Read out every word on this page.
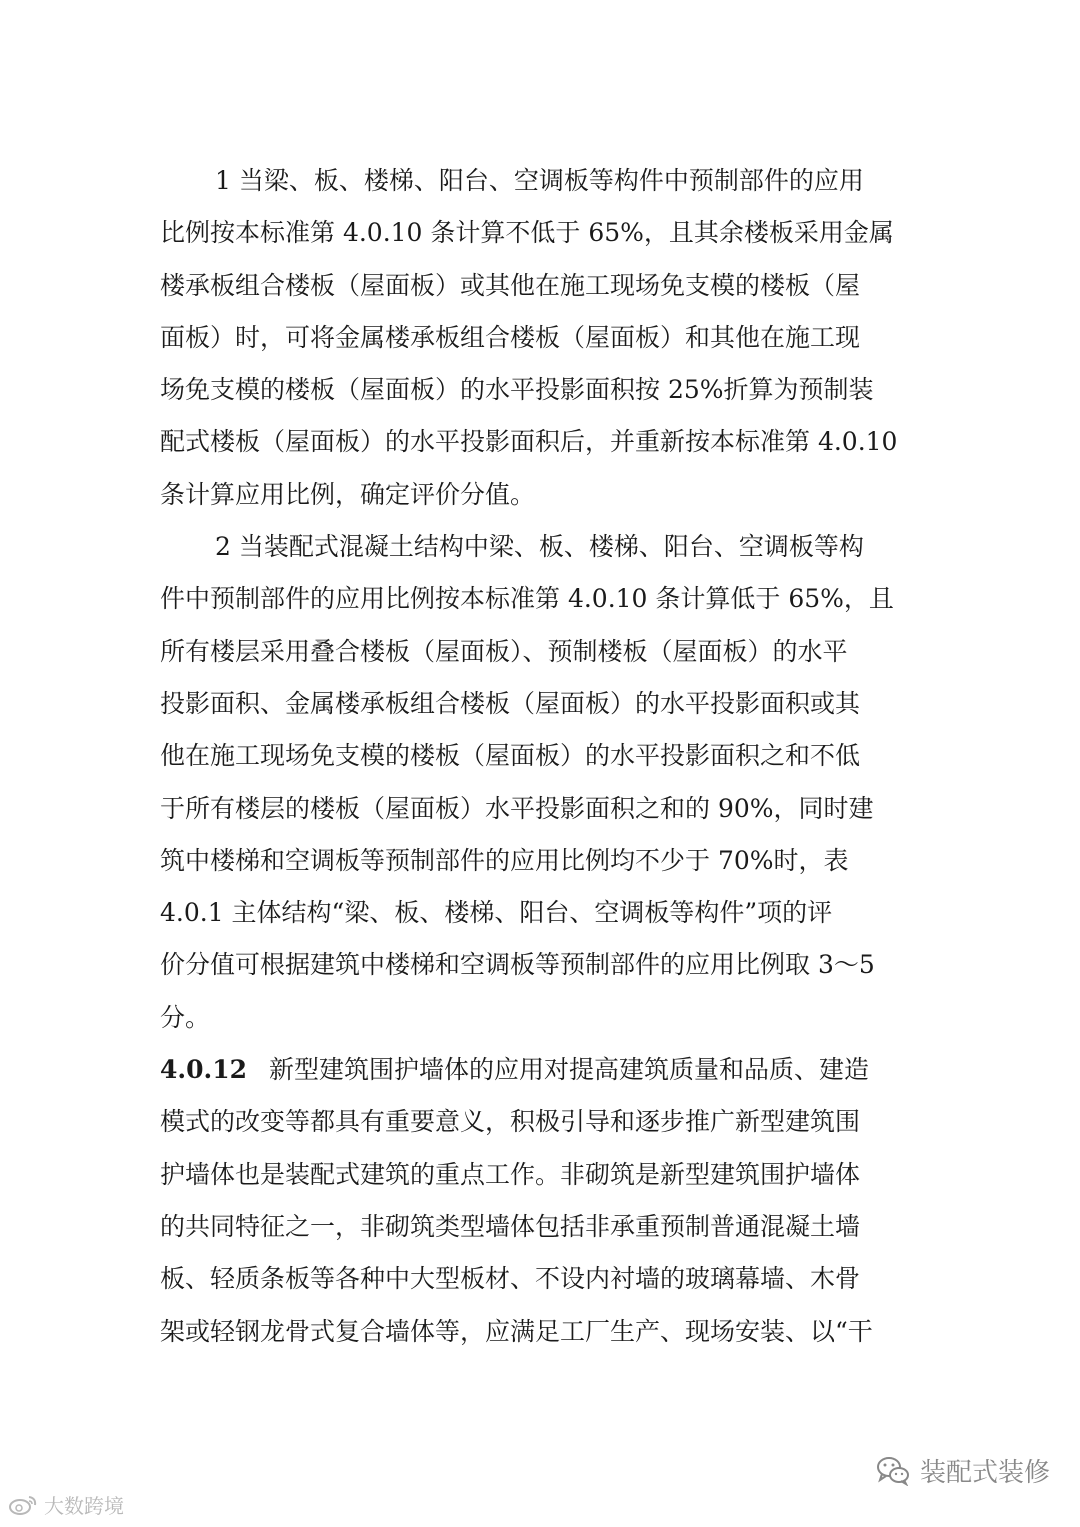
1 当梁、板、楼梯、阳台、空调板等构件中预制部件的应用
比例按本标准第 4.0.10 条计算不低于 65%，且其余楼板采用金属
楼承板组合楼板（屋面板）或其他在施工现场免支模的楼板（屋
面板）时，可将金属楼承板组合楼板（屋面板）和其他在施工现
场免支模的楼板（屋面板）的水平投影面积按 25%折算为预制装
配式楼板（屋面板）的水平投影面积后，并重新按本标准第 4.0.10
条计算应用比例，确定评价分值。
2 当装配式混凝土结构中梁、板、楼梯、阳台、空调板等构
件中预制部件的应用比例按本标准第 4.0.10 条计算低于 65%，且
所有楼层采用叠合楼板（屋面板）、预制楼板（屋面板）的水平
投影面积、金属楼承板组合楼板（屋面板）的水平投影面积或其
他在施工现场免支模的楼板（屋面板）的水平投影面积之和不低
于所有楼层的楼板（屋面板）水平投影面积之和的 90%，同时建
筑中楼梯和空调板等预制部件的应用比例均不少于 70%时，表
4.0.1 主体结构“梁、板、楼梯、阳台、空调板等构件”项的评
价分值可根据建筑中楼梯和空调板等预制部件的应用比例取 3～5
分。
4.0.12 新型建筑围护墙体的应用对提高建筑质量和品质、建造
模式的改变等都具有重要意义，积极引导和逐步推广新型建筑围
护墙体也是装配式建筑的重点工作。非砌筑是新型建筑围护墙体
的共同特征之一，非砌筑类型墙体包括非承重预制普通混凝土墙
板、轻质条板等各种中大型板材、不设内衬墙的玻璃幕墙、木骨
架或轻钢龙骨式复合墙体等，应满足工厂生产、现场安装、以“干
大数跨境
装配式装修
